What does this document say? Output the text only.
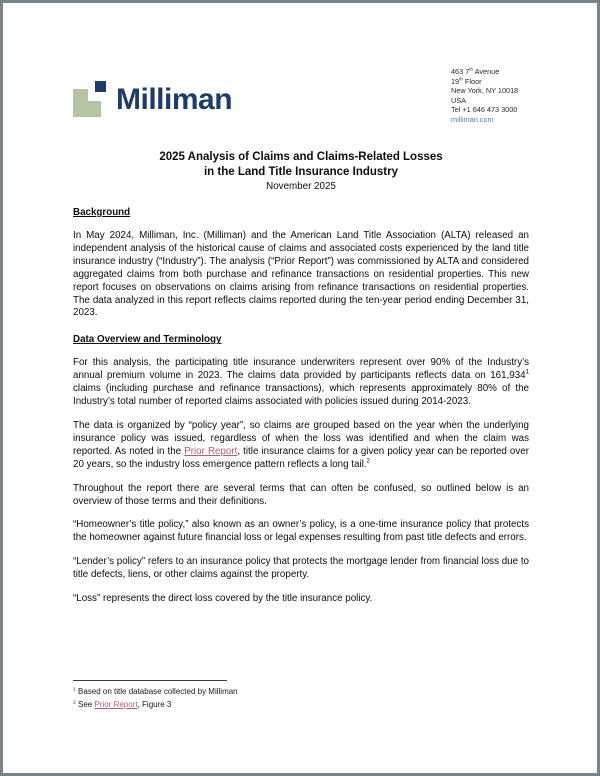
Milliman
463 7th Avenue
19th Floor
New York, NY 10018
USA
Tel +1 646 473 3000
milliman.com
2025 Analysis of Claims and Claims-Related Losses
in the Land Title Insurance Industry
November 2025
Background

In May 2024, Milliman, Inc. (Milliman) and the American Land Title Association (ALTA) released an independent analysis of the historical cause of claims and associated costs experienced by the land title insurance industry (“Industry”). The analysis (“Prior Report”) was commissioned by ALTA and considered aggregated claims from both purchase and refinance transactions on residential properties. This new report focuses on observations on claims arising from refinance transactions on residential properties. The data analyzed in this report reflects claims reported during the ten-year period ending December 31, 2023.

Data Overview and Terminology

For this analysis, the participating title insurance underwriters represent over 90% of the Industry’s annual premium volume in 2023. The claims data provided by participants reflects data on 161,934$^1$ claims (including purchase and refinance transactions), which represents approximately 80% of the Industry’s total number of reported claims associated with policies issued during 2014-2023.

The data is organized by “policy year”, so claims are grouped based on the year when the underlying insurance policy was issued, regardless of when the loss was identified and when the claim was reported. As noted in the Prior Report, title insurance claims for a given policy year can be reported over 20 years, so the industry loss emergence pattern reflects a long tail.$^2$

Throughout the report there are several terms that can often be confused, so outlined below is an overview of those terms and their definitions.

“Homeowner’s title policy,” also known as an owner’s policy, is a one-time insurance policy that protects the homeowner against future financial loss or legal expenses resulting from past title defects and errors.

“Lender’s policy” refers to an insurance policy that protects the mortgage lender from financial loss due to title defects, liens, or other claims against the property.

“Loss” represents the direct loss covered by the title insurance policy.

$^1$ Based on title database collected by Milliman
$^2$ See Prior Report, Figure 3
